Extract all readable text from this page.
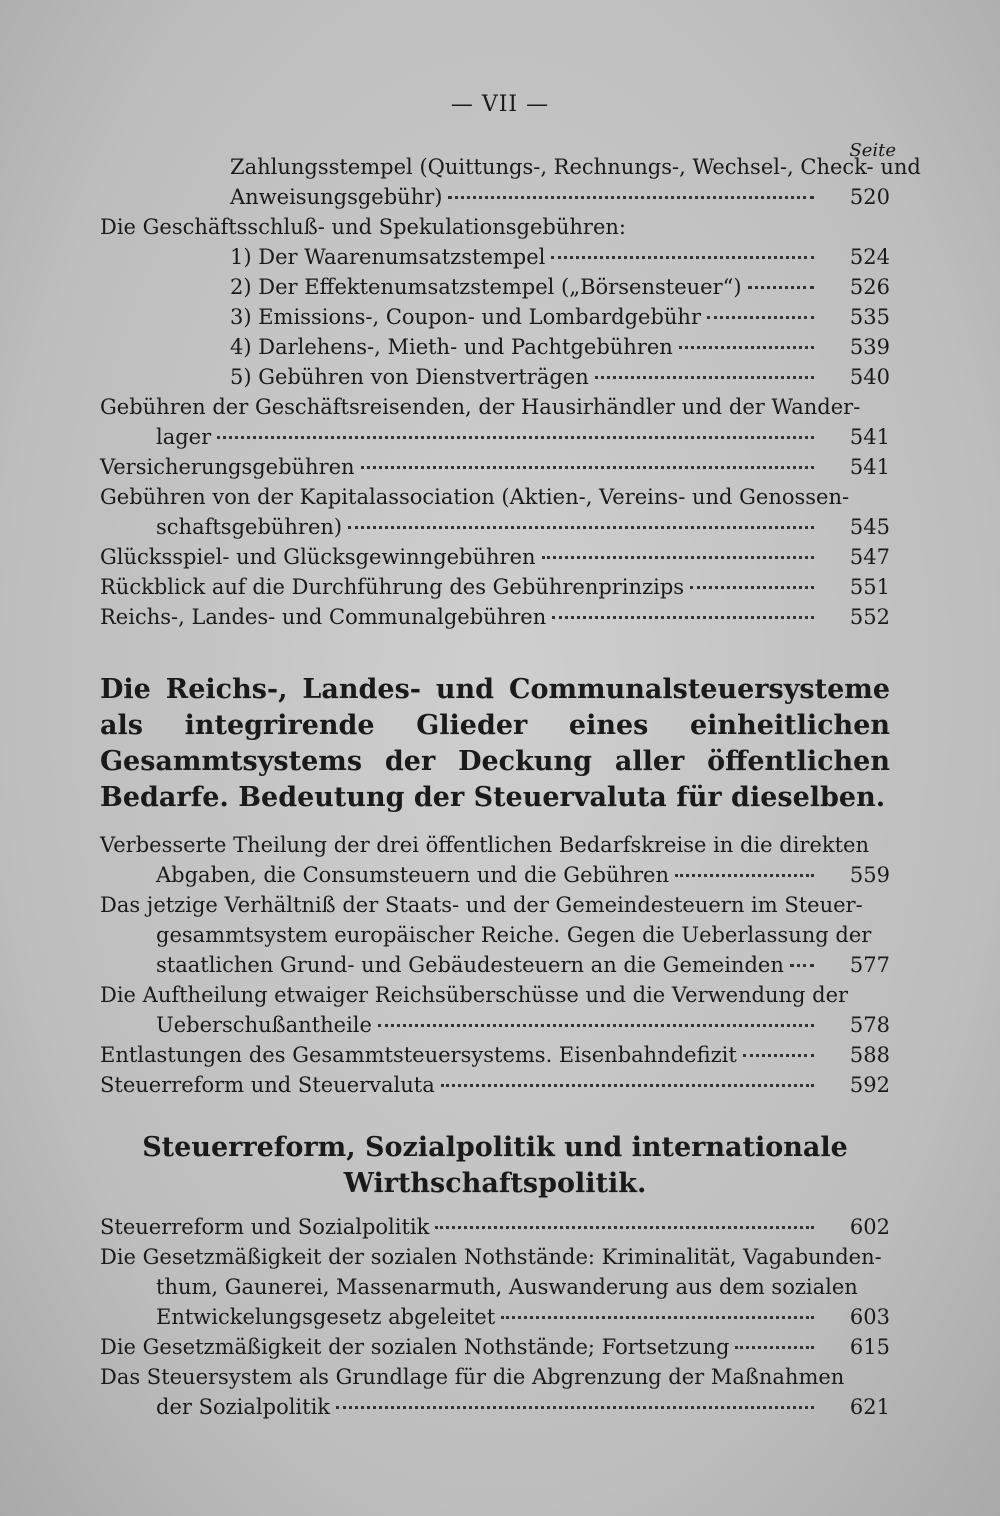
— VII —
Seite
Zahlungsstempel (Quittungs-, Rechnungs-, Wechsel-, Check- und
Anweisungsgebühr)	520
Die Geschäftsschluß- und Spekulationsgebühren:
1) Der Waarenumsatzstempel	524
2) Der Effektenumsatzstempel („Börsensteuer“)	526
3) Emissions-, Coupon- und Lombardgebühr	535
4) Darlehens-, Mieth- und Pachtgebühren	539
5) Gebühren von Dienstverträgen	540
Gebühren der Geschäftsreisenden, der Hausirhändler und der Wander-
lager	541
Versicherungsgebühren	541
Gebühren von der Kapitalassociation (Aktien-, Vereins- und Genossen-
schaftsgebühren)	545
Glücksspiel- und Glücksgewinngebühren	547
Rückblick auf die Durchführung des Gebührenprinzips	551
Reichs-, Landes- und Communalgebühren	552
Die Reichs-, Landes- und Communalsteuersysteme als integrirende Glieder eines einheitlichen Gesammtsystems der Deckung aller öffentlichen Bedarfe. Bedeutung der Steuervaluta für dieselben.
Verbesserte Theilung der drei öffentlichen Bedarfskreise in die direkten
Abgaben, die Consumsteuern und die Gebühren	559
Das jetzige Verhältniß der Staats- und der Gemeindesteuern im Steuer-
gesammtsystem europäischer Reiche. Gegen die Ueberlassung der
staatlichen Grund- und Gebäudesteuern an die Gemeinden	577
Die Auftheilung etwaiger Reichsüberschüsse und die Verwendung der
Ueberschußantheile	578
Entlastungen des Gesammtsteuersystems. Eisenbahndefizit	588
Steuerreform und Steuervaluta	592
Steuerreform, Sozialpolitik und internationale Wirthschaftspolitik.
Steuerreform und Sozialpolitik	602
Die Gesetzmäßigkeit der sozialen Nothstände: Kriminalität, Vagabunden-
thum, Gaunerei, Massenarmuth, Auswanderung aus dem sozialen
Entwickelungsgesetz abgeleitet	603
Die Gesetzmäßigkeit der sozialen Nothstände; Fortsetzung	615
Das Steuersystem als Grundlage für die Abgrenzung der Maßnahmen
der Sozialpolitik	621
